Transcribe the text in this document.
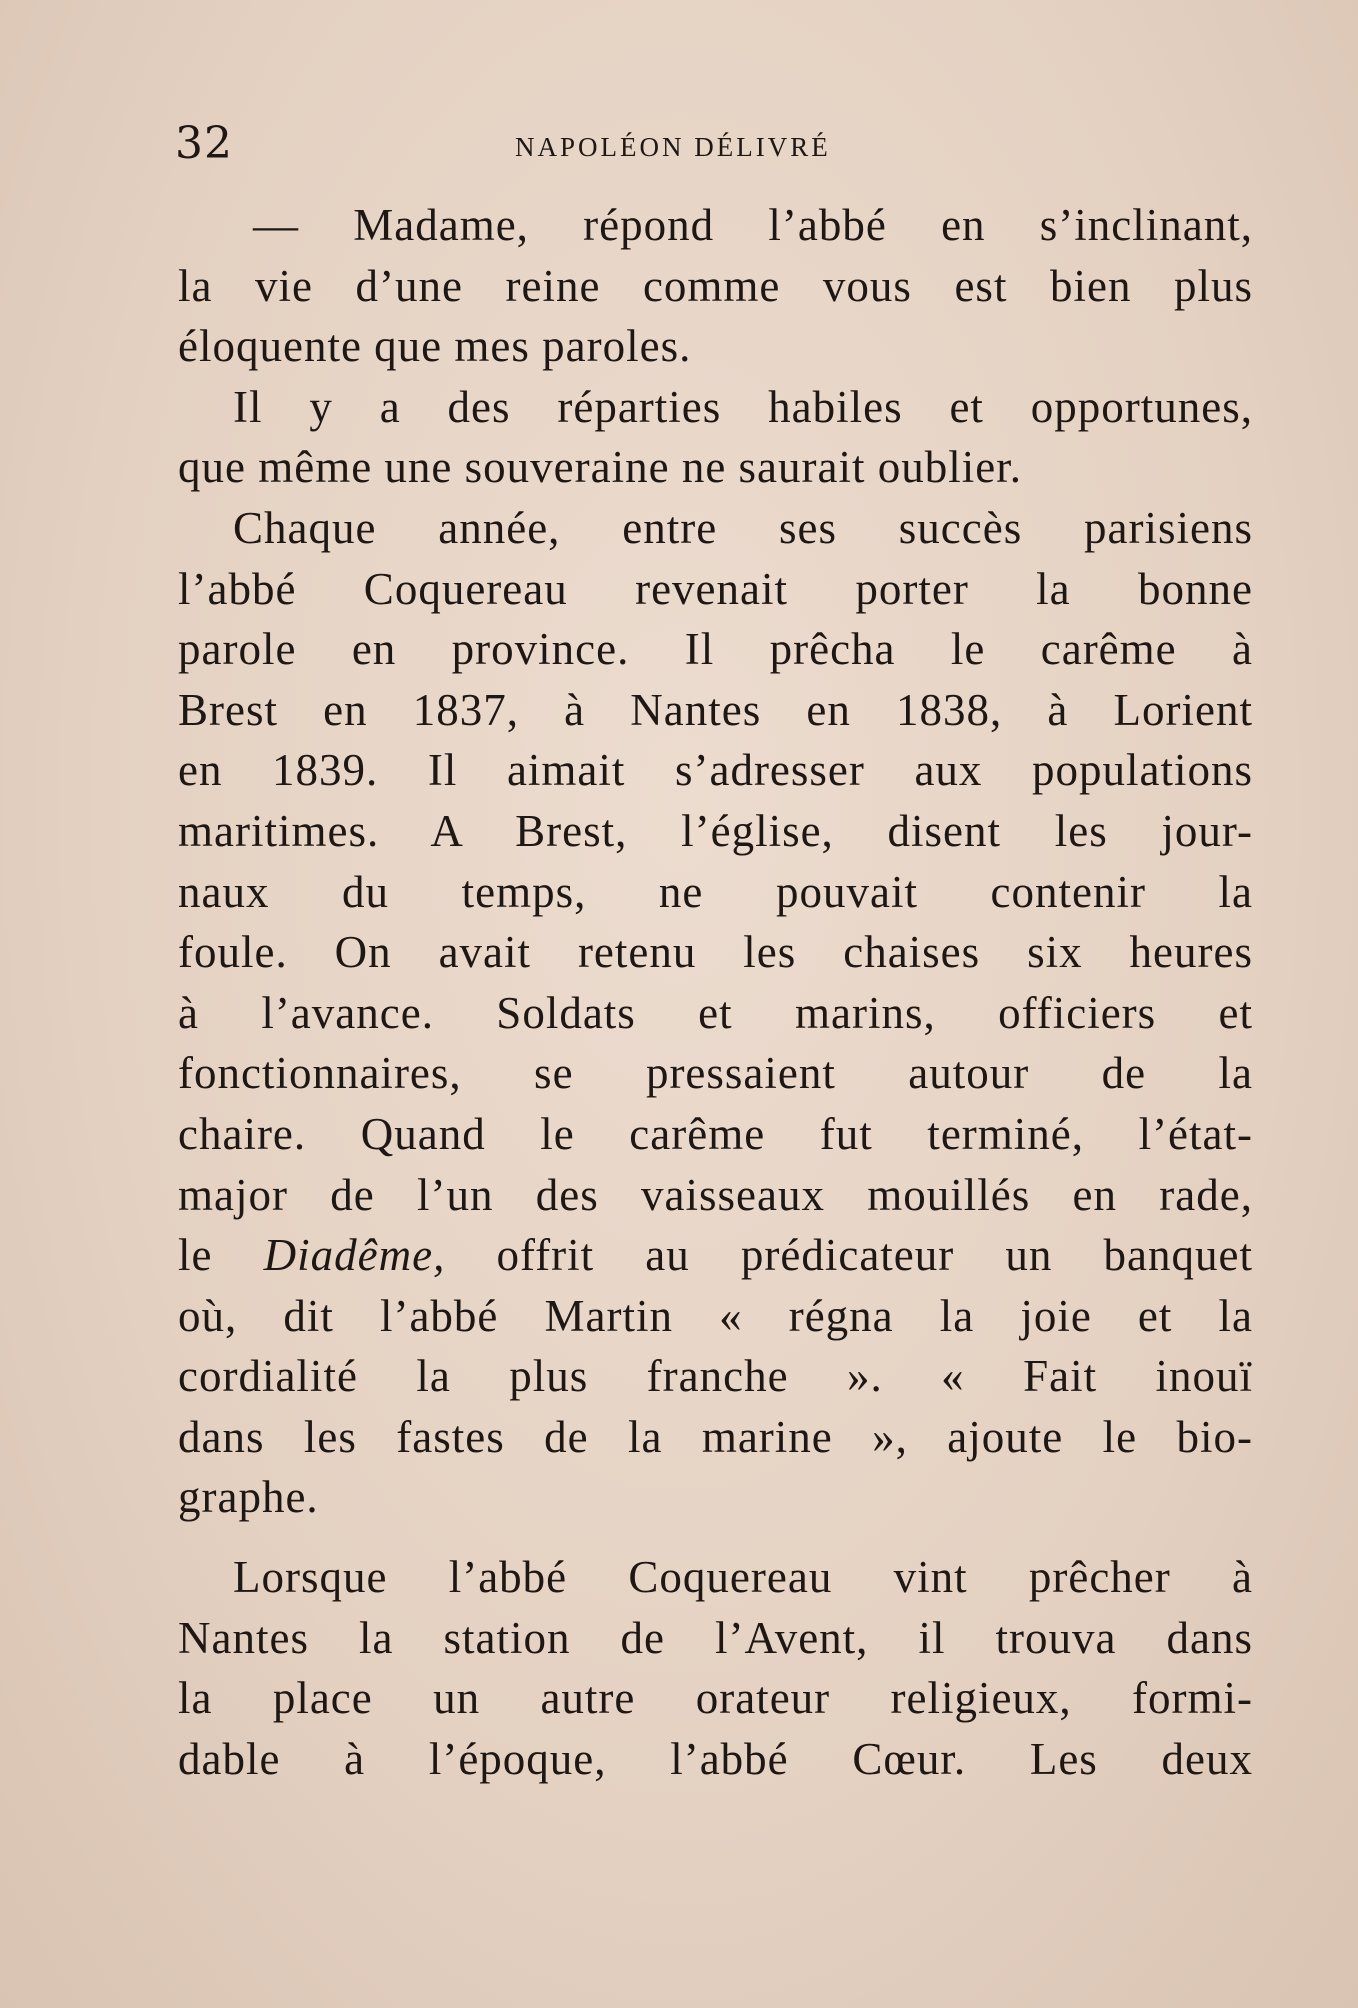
32	NAPOLÉON DÉLIVRÉ
— Madame, répond l’abbé en s’inclinant,
la vie d’une reine comme vous est bien plus
éloquente que mes paroles.
Il y a des réparties habiles et opportunes,
que même une souveraine ne saurait oublier.
Chaque année, entre ses succès parisiens
l’abbé Coquereau revenait porter la bonne
parole en province. Il prêcha le carême à
Brest en 1837, à Nantes en 1838, à Lorient
en 1839. Il aimait s’adresser aux populations
maritimes. A Brest, l’église, disent les jour-
naux du temps, ne pouvait contenir la
foule. On avait retenu les chaises six heures
à l’avance. Soldats et marins, officiers et
fonctionnaires, se pressaient autour de la
chaire. Quand le carême fut terminé, l’état-
major de l’un des vaisseaux mouillés en rade,
le Diadême, offrit au prédicateur un banquet
où, dit l’abbé Martin « régna la joie et la
cordialité la plus franche ». « Fait inouï
dans les fastes de la marine », ajoute le bio-
graphe.
Lorsque l’abbé Coquereau vint prêcher à
Nantes la station de l’Avent, il trouva dans
la place un autre orateur religieux, formi-
dable à l’époque, l’abbé Cœur. Les deux
